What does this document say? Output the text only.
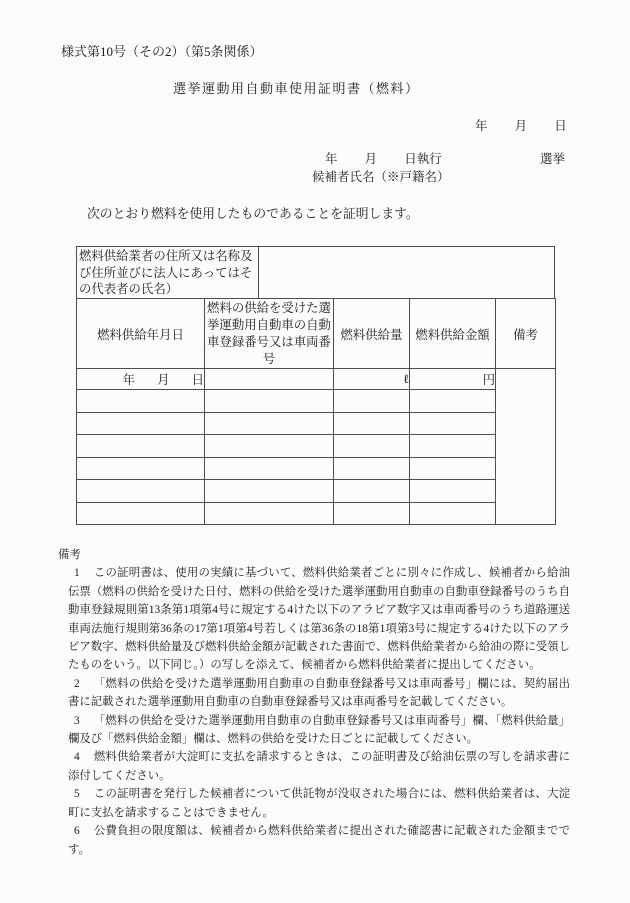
様式第10号（その2）（第5条関係）
選挙運動用自動車使用証明書（燃料）
年 月 日
年 月 日執行	選挙
候補者氏名（※戸籍名）
次のとおり燃料を使用したものであることを証明します。
燃料供給業者の住所又は名称及び住所並びに法人にあってはその代表者の氏名）
燃料供給年月日	燃料の供給を受けた選挙運動用自動車の自動車登録番号又は車両番号	燃料供給量	燃料供給金額	備考
年 月 日		ℓ	円	

備考
1 この証明書は、使用の実績に基づいて、燃料供給業者ごとに別々に作成し、候補者から給油伝票（燃料の供給を受けた日付、燃料の供給を受けた選挙運動用自動車の自動車登録番号のうち自動車登録規則第13条第1項第4号に規定する4けた以下のアラビア数字又は車両番号のうち道路運送車両法施行規則第36条の17第1項第4号若しくは第36条の18第1項第3号に規定する4けた以下のアラビア数字、燃料供給量及び燃料供給金額が記載された書面で、燃料供給業者から給油の際に受領したものをいう。以下同じ。）の写しを添えて、候補者から燃料供給業者に提出してください。
2 「燃料の供給を受けた選挙運動用自動車の自動車登録番号又は車両番号」欄には、契約届出書に記載された選挙運動用自動車の自動車登録番号又は車両番号を記載してください。
3 「燃料の供給を受けた選挙運動用自動車の自動車登録番号又は車両番号」欄、「燃料供給量」欄及び「燃料供給金額」欄は、燃料の供給を受けた日ごとに記載してください。
4 燃料供給業者が大淀町に支払を請求するときは、この証明書及び給油伝票の写しを請求書に添付してください。
5 この証明書を発行した候補者について供託物が没収された場合には、燃料供給業者は、大淀町に支払を請求することはできません。
6 公費負担の限度額は、候補者から燃料供給業者に提出された確認書に記載された金額までです。
